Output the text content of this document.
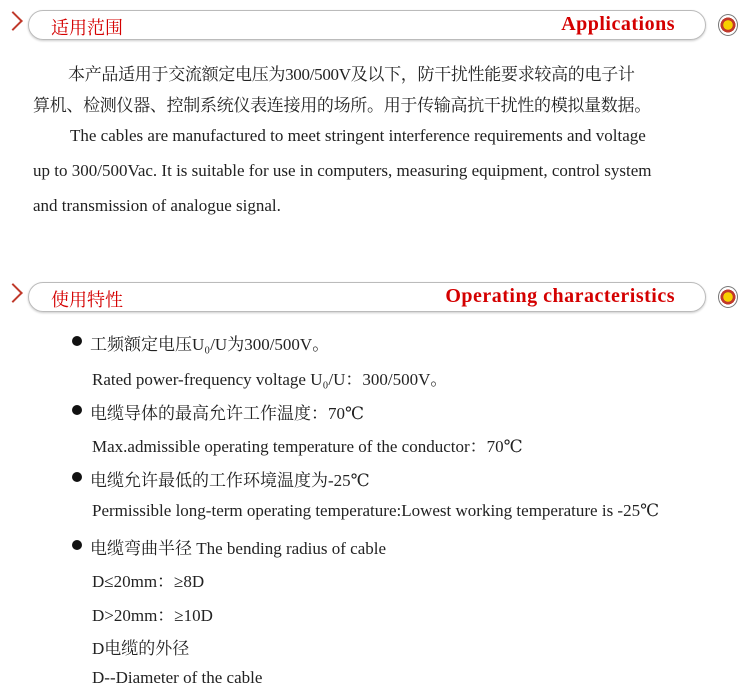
适用范围	Applications
本产品适用于交流额定电压为300/500V及以下，防干扰性能要求较高的电子计
算机、检测仪器、控制系统仪表连接用的场所。用于传输高抗干扰性的模拟量数据。
The cables are manufactured to meet stringent interference requirements and voltage
up to 300/500Vac. It is suitable for use in computers, measuring equipment, control system
and transmission of analogue signal.
使用特性	Operating characteristics
工频额定电压U₀/U为300/500V。
Rated power-frequency voltage U₀/U：300/500V。
电缆导体的最高允许工作温度：70℃
Max.admissible operating temperature of the conductor：70℃
电缆允许最低的工作环境温度为-25℃
Permissible long-term operating temperature:Lowest working temperature is -25℃
电缆弯曲半径 The bending radius of cable
D≤20mm：≥8D
D>20mm：≥10D
D电缆的外径
D--Diameter of the cable
